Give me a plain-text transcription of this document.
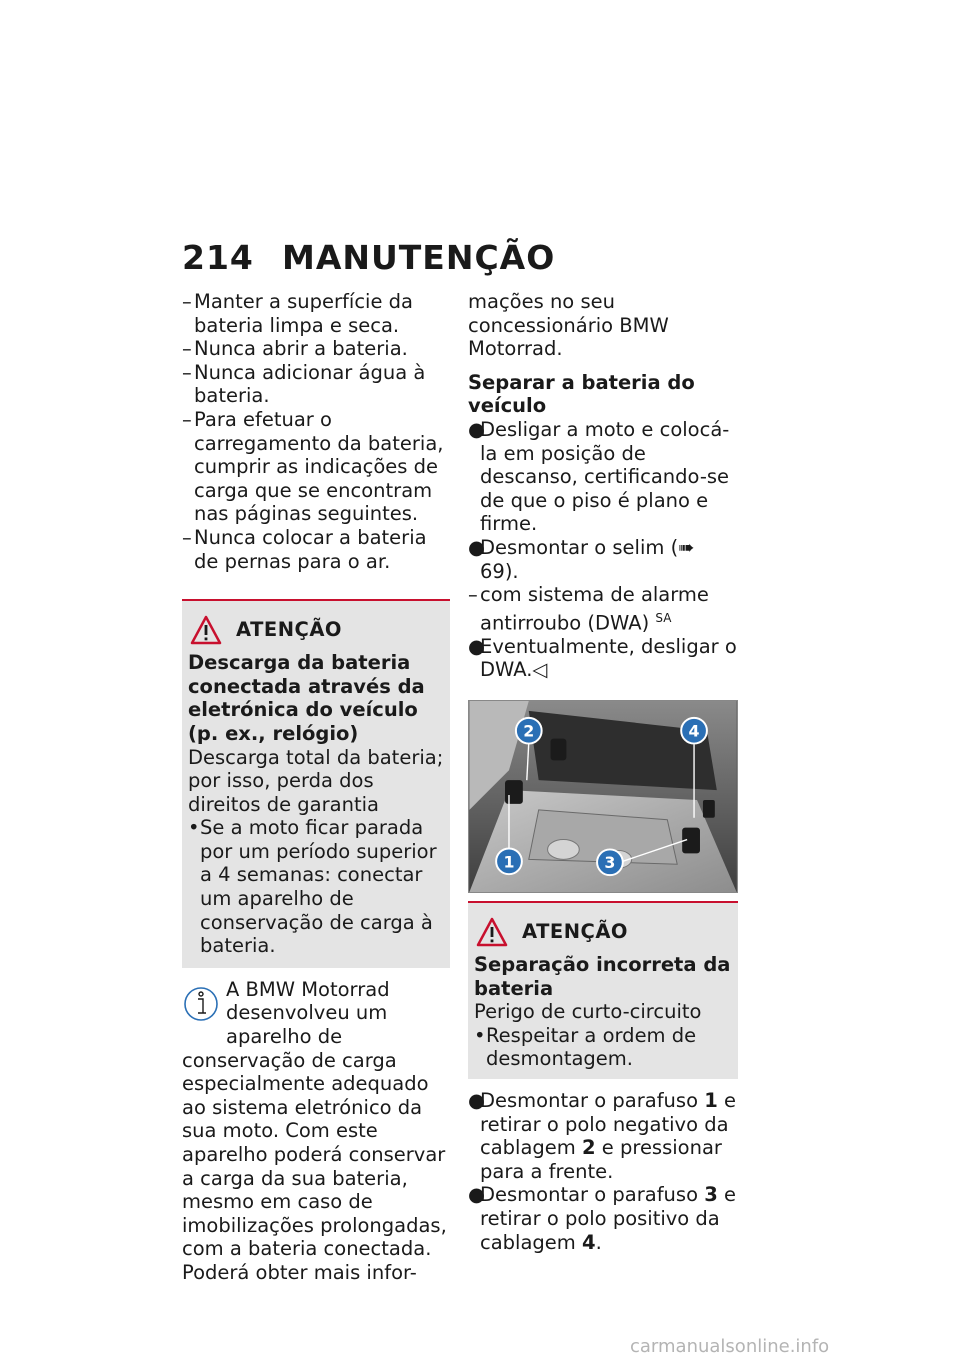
214 MANUTENÇÃO
– Manter a superfície da bateria limpa e seca.
– Nunca abrir a bateria.
– Nunca adicionar água à bateria.
– Para efetuar o carregamento da bateria, cumprir as indicações de carga que se encontram nas páginas seguintes.
– Nunca colocar a bateria de pernas para o ar.
ATENÇÃO
Descarga da bateria conectada através da eletrónica do veículo (p. ex., relógio)
Descarga total da bateria; por isso, perda dos direitos de garantia
•Se a moto ficar parada por um período superior a 4 semanas: conectar um aparelho de conservação de carga à bateria.
A BMW Motorrad desenvolveu um aparelho de
conservação de carga especialmente adequado ao sistema eletrónico da sua moto. Com este aparelho poderá conservar a carga da sua bateria, mesmo em caso de imobilizações prolongadas, com a bateria conectada. Poderá obter mais infor-
mações no seu concessionário BMW Motorrad.
Separar a bateria do veículo
●Desligar a moto e colocá-la em posição de descanso, certificando-se de que o piso é plano e firme.
●Desmontar o selim (➠ 69).
– com sistema de alarme antirroubo (DWA) $^{SA}$
●Eventualmente, desligar o DWA.◁
2	4
1	3
ATENÇÃO
Separação incorreta da bateria
Perigo de curto-circuito
•Respeitar a ordem de desmontagem.
●Desmontar o parafuso 1 e retirar o polo negativo da cablagem 2 e pressionar para a frente.
●Desmontar o parafuso 3 e retirar o polo positivo da cablagem 4.
carmanualsonline.info
